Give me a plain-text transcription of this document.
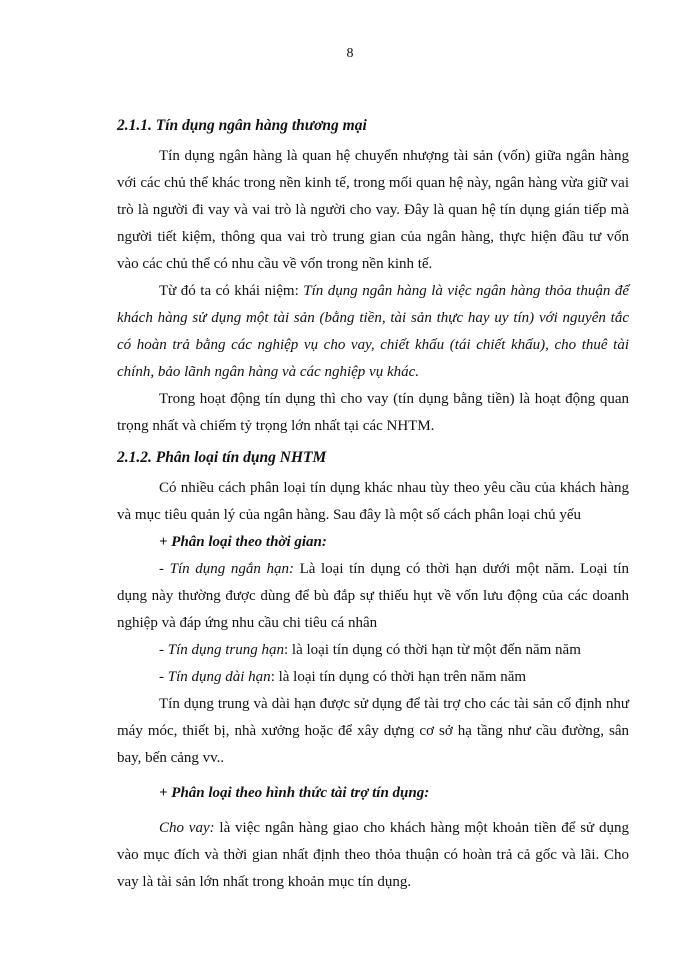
8

2.1.1. Tín dụng ngân hàng thương mại

Tín dụng ngân hàng là quan hệ chuyển nhượng tài sản (vốn) giữa ngân hàng với các chủ thể khác trong nền kinh tế, trong mối quan hệ này, ngân hàng vừa giữ vai trò là người đi vay và vai trò là người cho vay. Đây là quan hệ tín dụng gián tiếp mà người tiết kiệm, thông qua vai trò trung gian của ngân hàng, thực hiện đầu tư vốn vào các chủ thể có nhu cầu về vốn trong nền kinh tế.

Từ đó ta có khái niệm: Tín dụng ngân hàng là việc ngân hàng thỏa thuận để khách hàng sử dụng một tài sản (bằng tiền, tài sản thực hay uy tín) với nguyên tắc có hoàn trả bằng các nghiệp vụ cho vay, chiết khấu (tái chiết khấu), cho thuê tài chính, bảo lãnh ngân hàng và các nghiệp vụ khác.

Trong hoạt động tín dụng thì cho vay (tín dụng bằng tiền) là hoạt động quan trọng nhất và chiếm tỷ trọng lớn nhất tại các NHTM.

2.1.2. Phân loại tín dụng NHTM

Có nhiều cách phân loại tín dụng khác nhau tùy theo yêu cầu của khách hàng và mục tiêu quản lý của ngân hàng. Sau đây là một số cách phân loại chủ yếu

+ Phân loại theo thời gian:

- Tín dụng ngắn hạn: Là loại tín dụng có thời hạn dưới một năm. Loại tín dụng này thường được dùng để bù đắp sự thiếu hụt về vốn lưu động của các doanh nghiệp và đáp ứng nhu cầu chi tiêu cá nhân

- Tín dụng trung hạn: là loại tín dụng có thời hạn từ một đến năm năm

- Tín dụng dài hạn: là loại tín dụng có thời hạn trên năm năm

Tín dụng trung và dài hạn được sử dụng để tài trợ cho các tài sản cố định như máy móc, thiết bị, nhà xưởng hoặc để xây dựng cơ sở hạ tầng như cầu đường, sân bay, bến cảng vv..

+ Phân loại theo hình thức tài trợ tín dụng:

Cho vay: là việc ngân hàng giao cho khách hàng một khoản tiền để sử dụng vào mục đích và thời gian nhất định theo thỏa thuận có hoàn trả cả gốc và lãi. Cho vay là tài sản lớn nhất trong khoản mục tín dụng.
